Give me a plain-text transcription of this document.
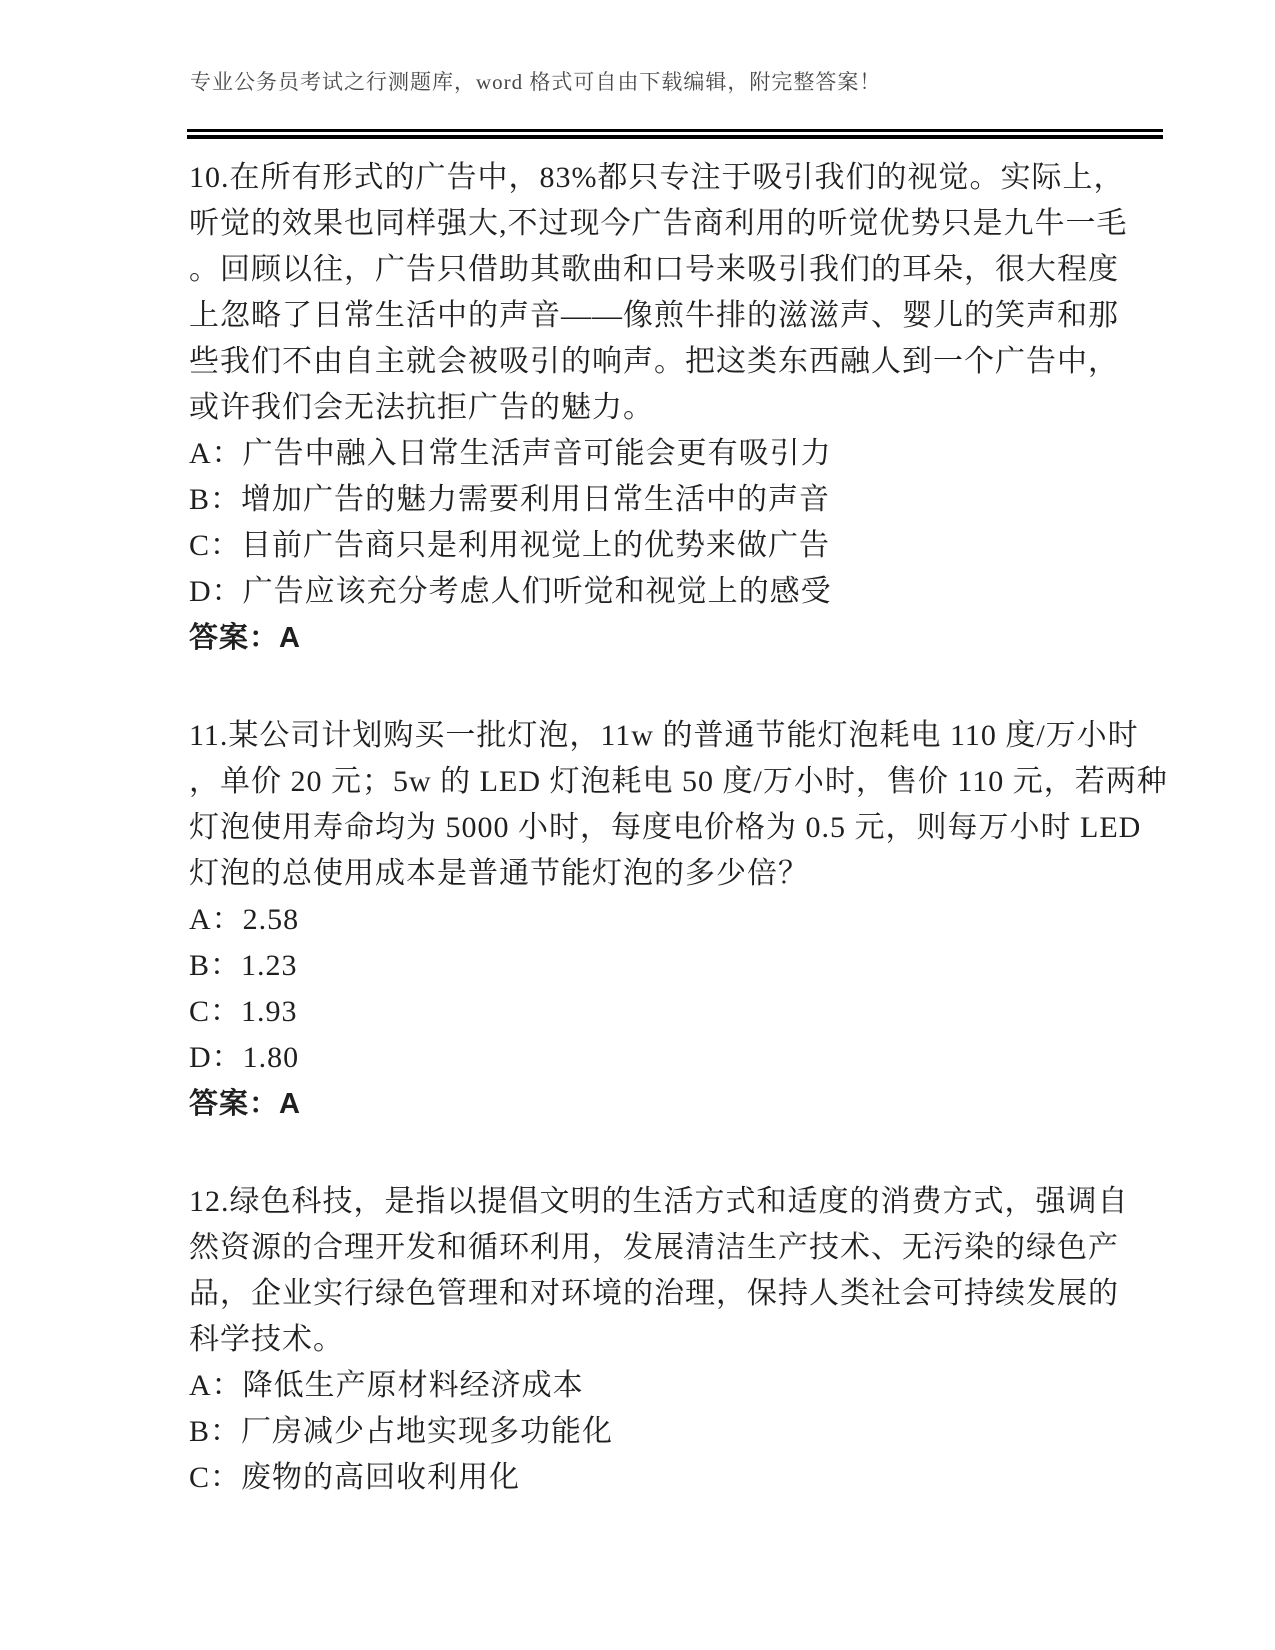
专业公务员考试之行测题库，word 格式可自由下载编辑，附完整答案！
10.在所有形式的广告中，83%都只专注于吸引我们的视觉。实际上，
听觉的效果也同样强大,不过现今广告商利用的听觉优势只是九牛一毛
。回顾以往，广告只借助其歌曲和口号来吸引我们的耳朵，很大程度
上忽略了日常生活中的声音——像煎牛排的滋滋声、婴儿的笑声和那
些我们不由自主就会被吸引的响声。把这类东西融人到一个广告中，
或许我们会无法抗拒广告的魅力。
A：广告中融入日常生活声音可能会更有吸引力
B：增加广告的魅力需要利用日常生活中的声音
C：目前广告商只是利用视觉上的优势来做广告
D：广告应该充分考虑人们听觉和视觉上的感受
答案：A
11.某公司计划购买一批灯泡，11w 的普通节能灯泡耗电 110 度/万小时
，单价 20 元；5w 的 LED 灯泡耗电 50 度/万小时，售价 110 元，若两种
灯泡使用寿命均为 5000 小时，每度电价格为 0.5 元，则每万小时 LED
灯泡的总使用成本是普通节能灯泡的多少倍？
A：2.58
B：1.23
C：1.93
D：1.80
答案：A
12.绿色科技，是指以提倡文明的生活方式和适度的消费方式，强调自
然资源的合理开发和循环利用，发展清洁生产技术、无污染的绿色产
品，企业实行绿色管理和对环境的治理，保持人类社会可持续发展的
科学技术。
A：降低生产原材料经济成本
B：厂房减少占地实现多功能化
C：废物的高回收利用化
